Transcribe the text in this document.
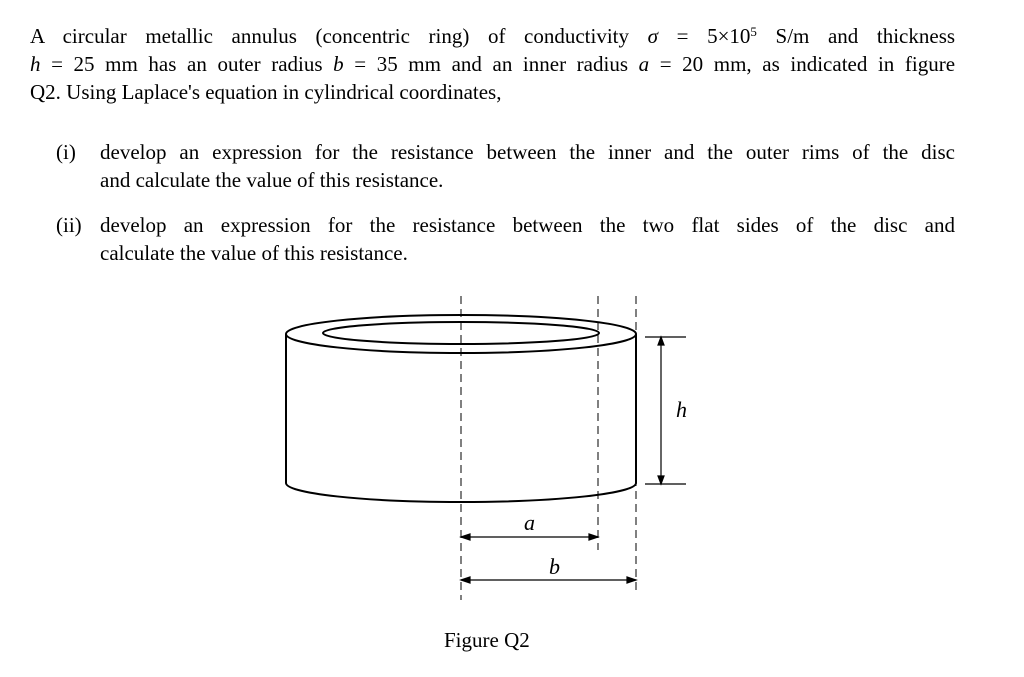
A circular metallic annulus (concentric ring) of conductivity $\sigma = 5\times 10^5$ S/m and thickness
h = 25 mm has an outer radius b = 35 mm and an inner radius a = 20 mm, as indicated in figure
Q2. Using Laplace's equation in cylindrical coordinates,
(i) develop an expression for the resistance between the inner and the outer rims of the disc
and calculate the value of this resistance.
(ii) develop an expression for the resistance between the two flat sides of the disc and
calculate the value of this resistance.
h
a
b
Figure Q2
